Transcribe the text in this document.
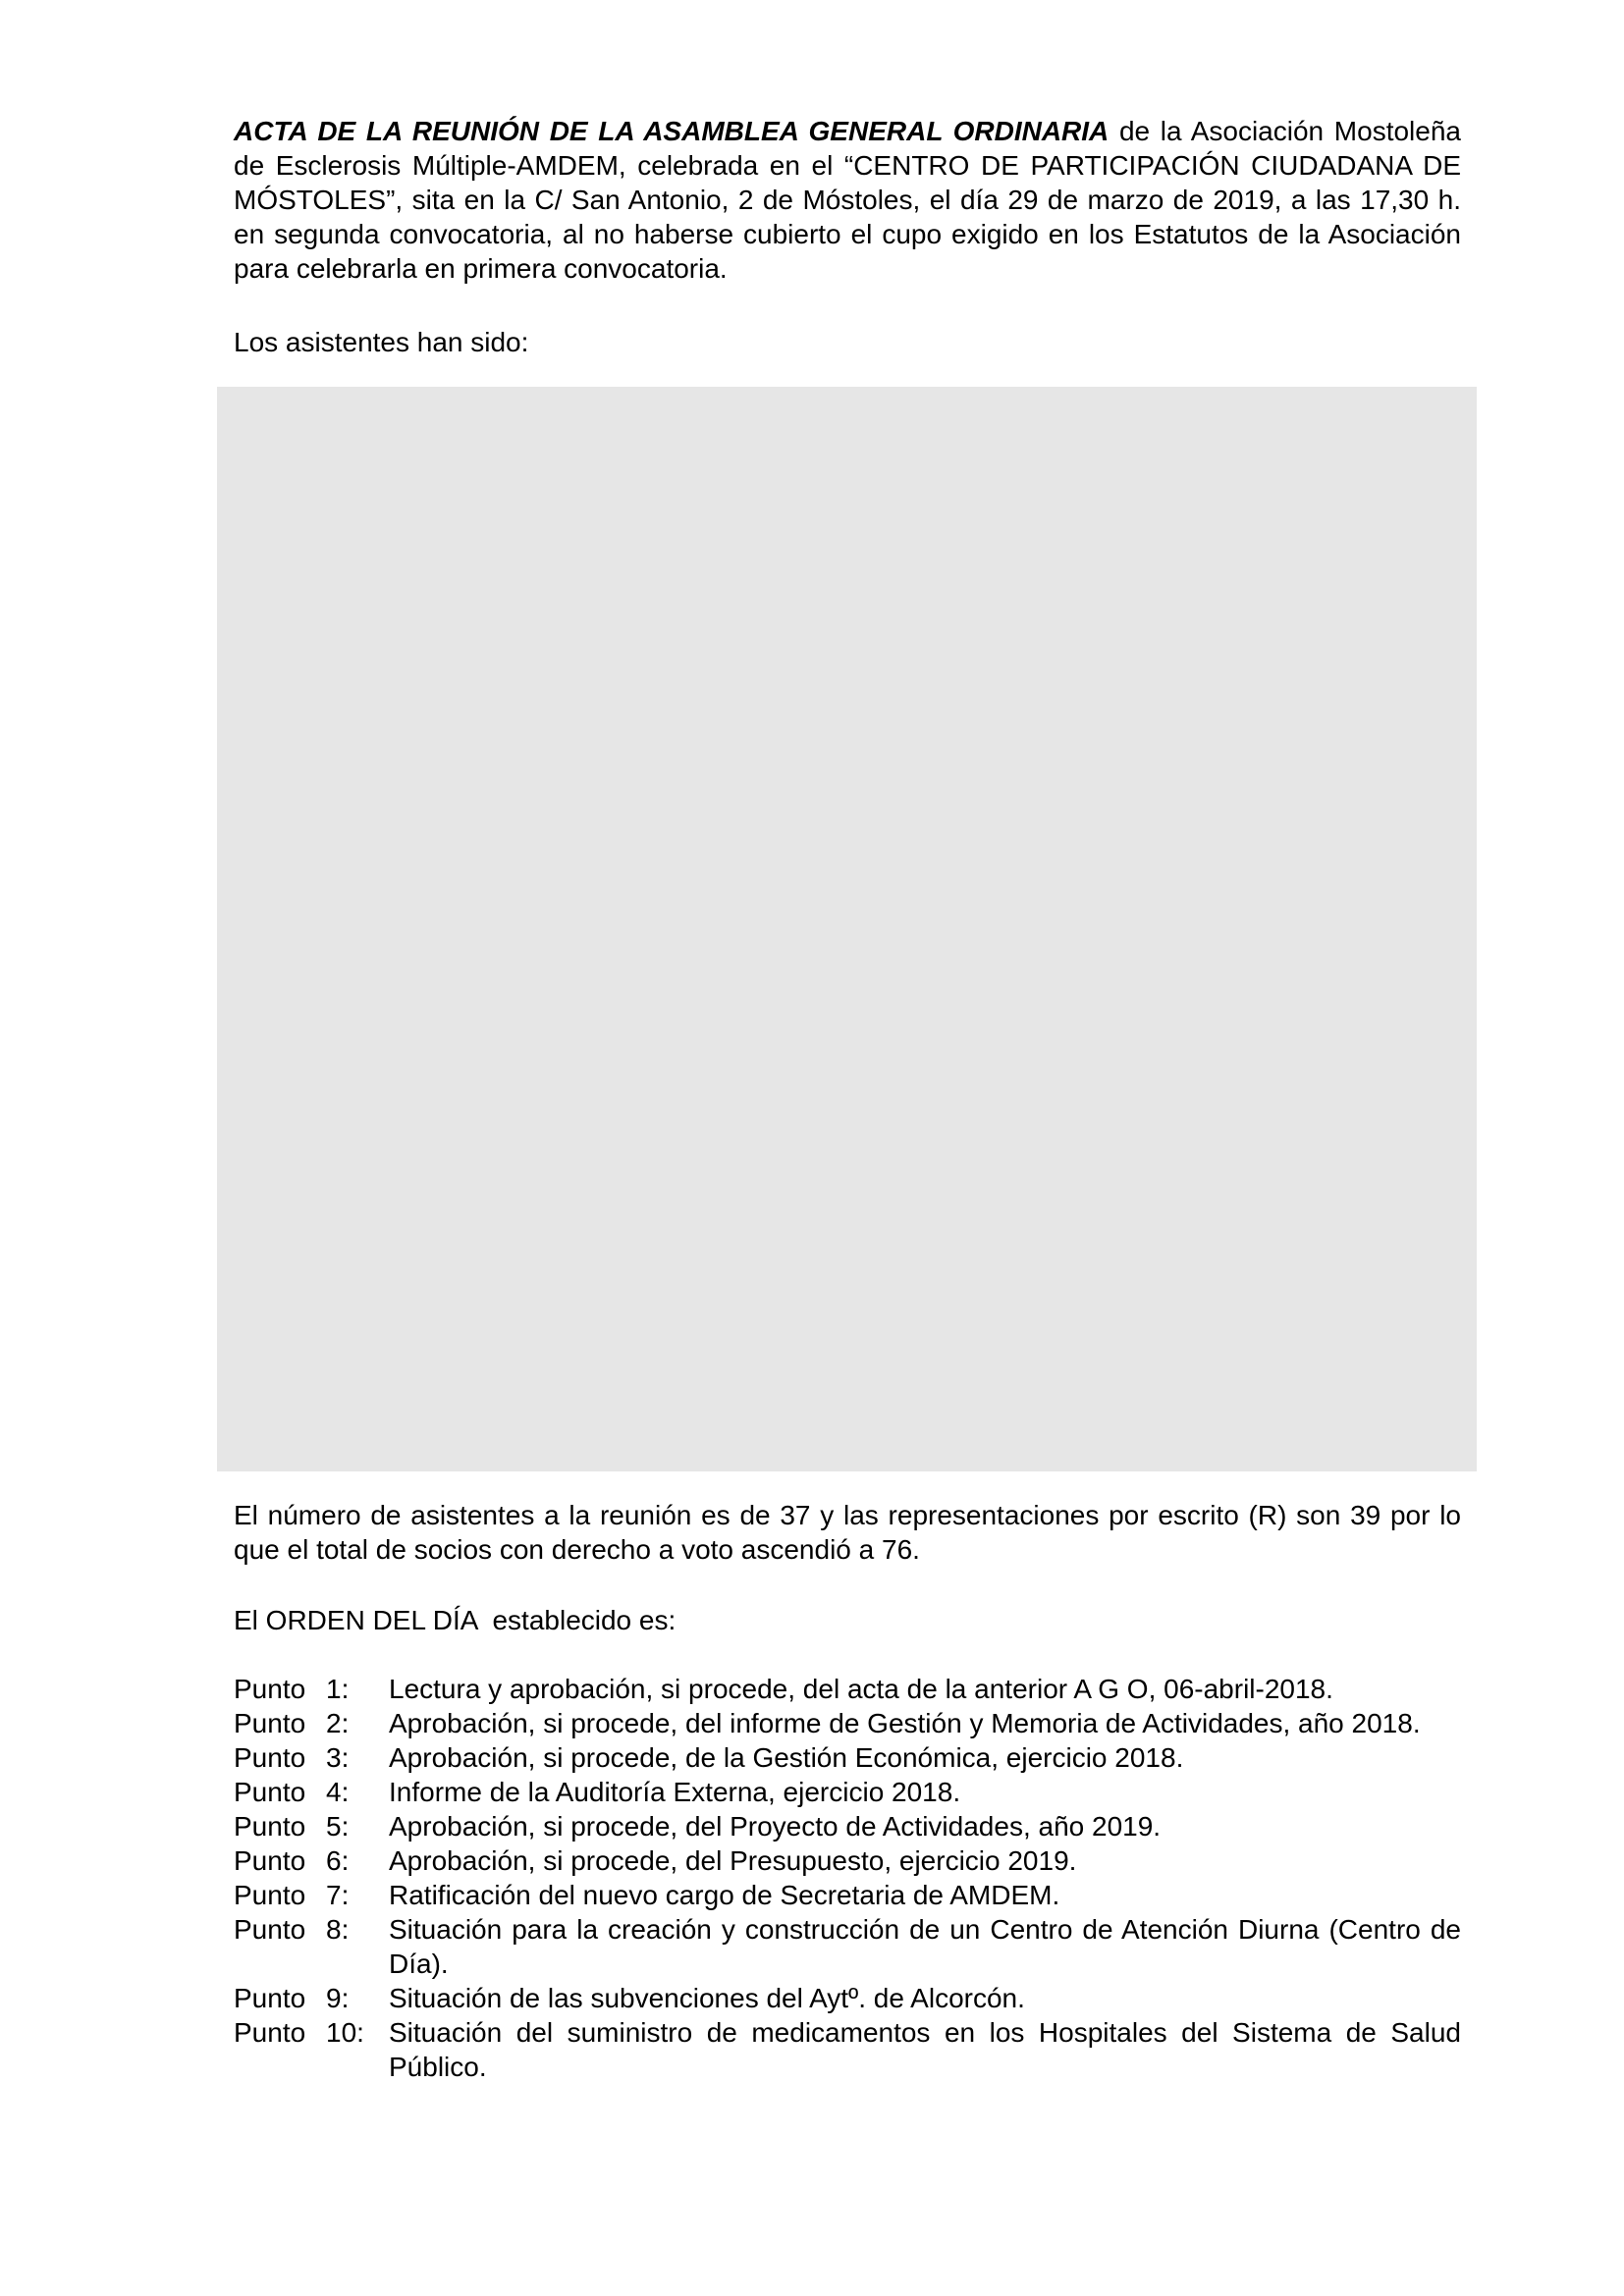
ACTA DE LA REUNIÓN DE LA ASAMBLEA GENERAL ORDINARIA de la Asociación Mostoleña de Esclerosis Múltiple-AMDEM, celebrada en el “CENTRO DE PARTICIPACIÓN CIUDADANA DE MÓSTOLES”, sita en la C/ San Antonio, 2 de Móstoles, el día 29 de marzo de 2019, a las 17,30 h. en segunda convocatoria, al no haberse cubierto el cupo exigido en los Estatutos de la Asociación para celebrarla en primera convocatoria.

Los asistentes han sido:

El número de asistentes a la reunión es de 37 y las representaciones por escrito (R) son 39 por lo que el total de socios con derecho a voto ascendió a 76.

El ORDEN DEL DÍA  establecido es:

Punto 1:	Lectura y aprobación, si procede, del acta de la anterior A G O, 06-abril-2018.
Punto 2:	Aprobación, si procede, del informe de Gestión y Memoria de Actividades, año 2018.
Punto 3:	Aprobación, si procede, de la Gestión Económica, ejercicio 2018.
Punto 4:	Informe de la Auditoría Externa, ejercicio 2018.
Punto 5:	Aprobación, si procede, del Proyecto de Actividades, año 2019.
Punto 6:	Aprobación, si procede, del Presupuesto, ejercicio 2019.
Punto 7:	Ratificación del nuevo cargo de Secretaria de AMDEM.
Punto 8:	Situación para la creación y construcción de un Centro de Atención Diurna (Centro de Día).
Punto 9:	Situación de las subvenciones del Aytº. de Alcorcón.
Punto 10: Situación del suministro de medicamentos en los Hospitales del Sistema de Salud Público.
